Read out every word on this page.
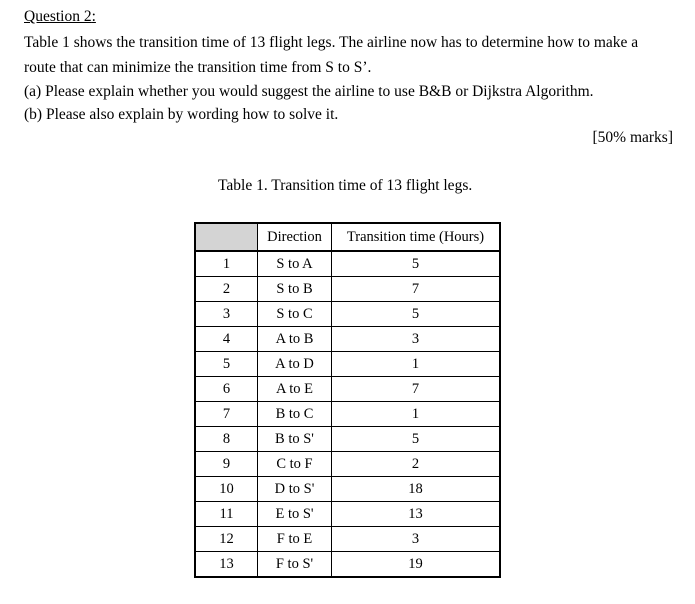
Question 2:
Table 1 shows the transition time of 13 flight legs. The airline now has to determine how to make a
route that can minimize the transition time from S to S’.
(a) Please explain whether you would suggest the airline to use B&B or Dijkstra Algorithm.
(b) Please also explain by wording how to solve it.
[50% marks]
Table 1. Transition time of 13 flight legs.
	Direction	Transition time (Hours)
1	S to A	5
2	S to B	7
3	S to C	5
4	A to B	3
5	A to D	1
6	A to E	7
7	B to C	1
8	B to S'	5
9	C to F	2
10	D to S'	18
11	E to S'	13
12	F to E	3
13	F to S'	19
